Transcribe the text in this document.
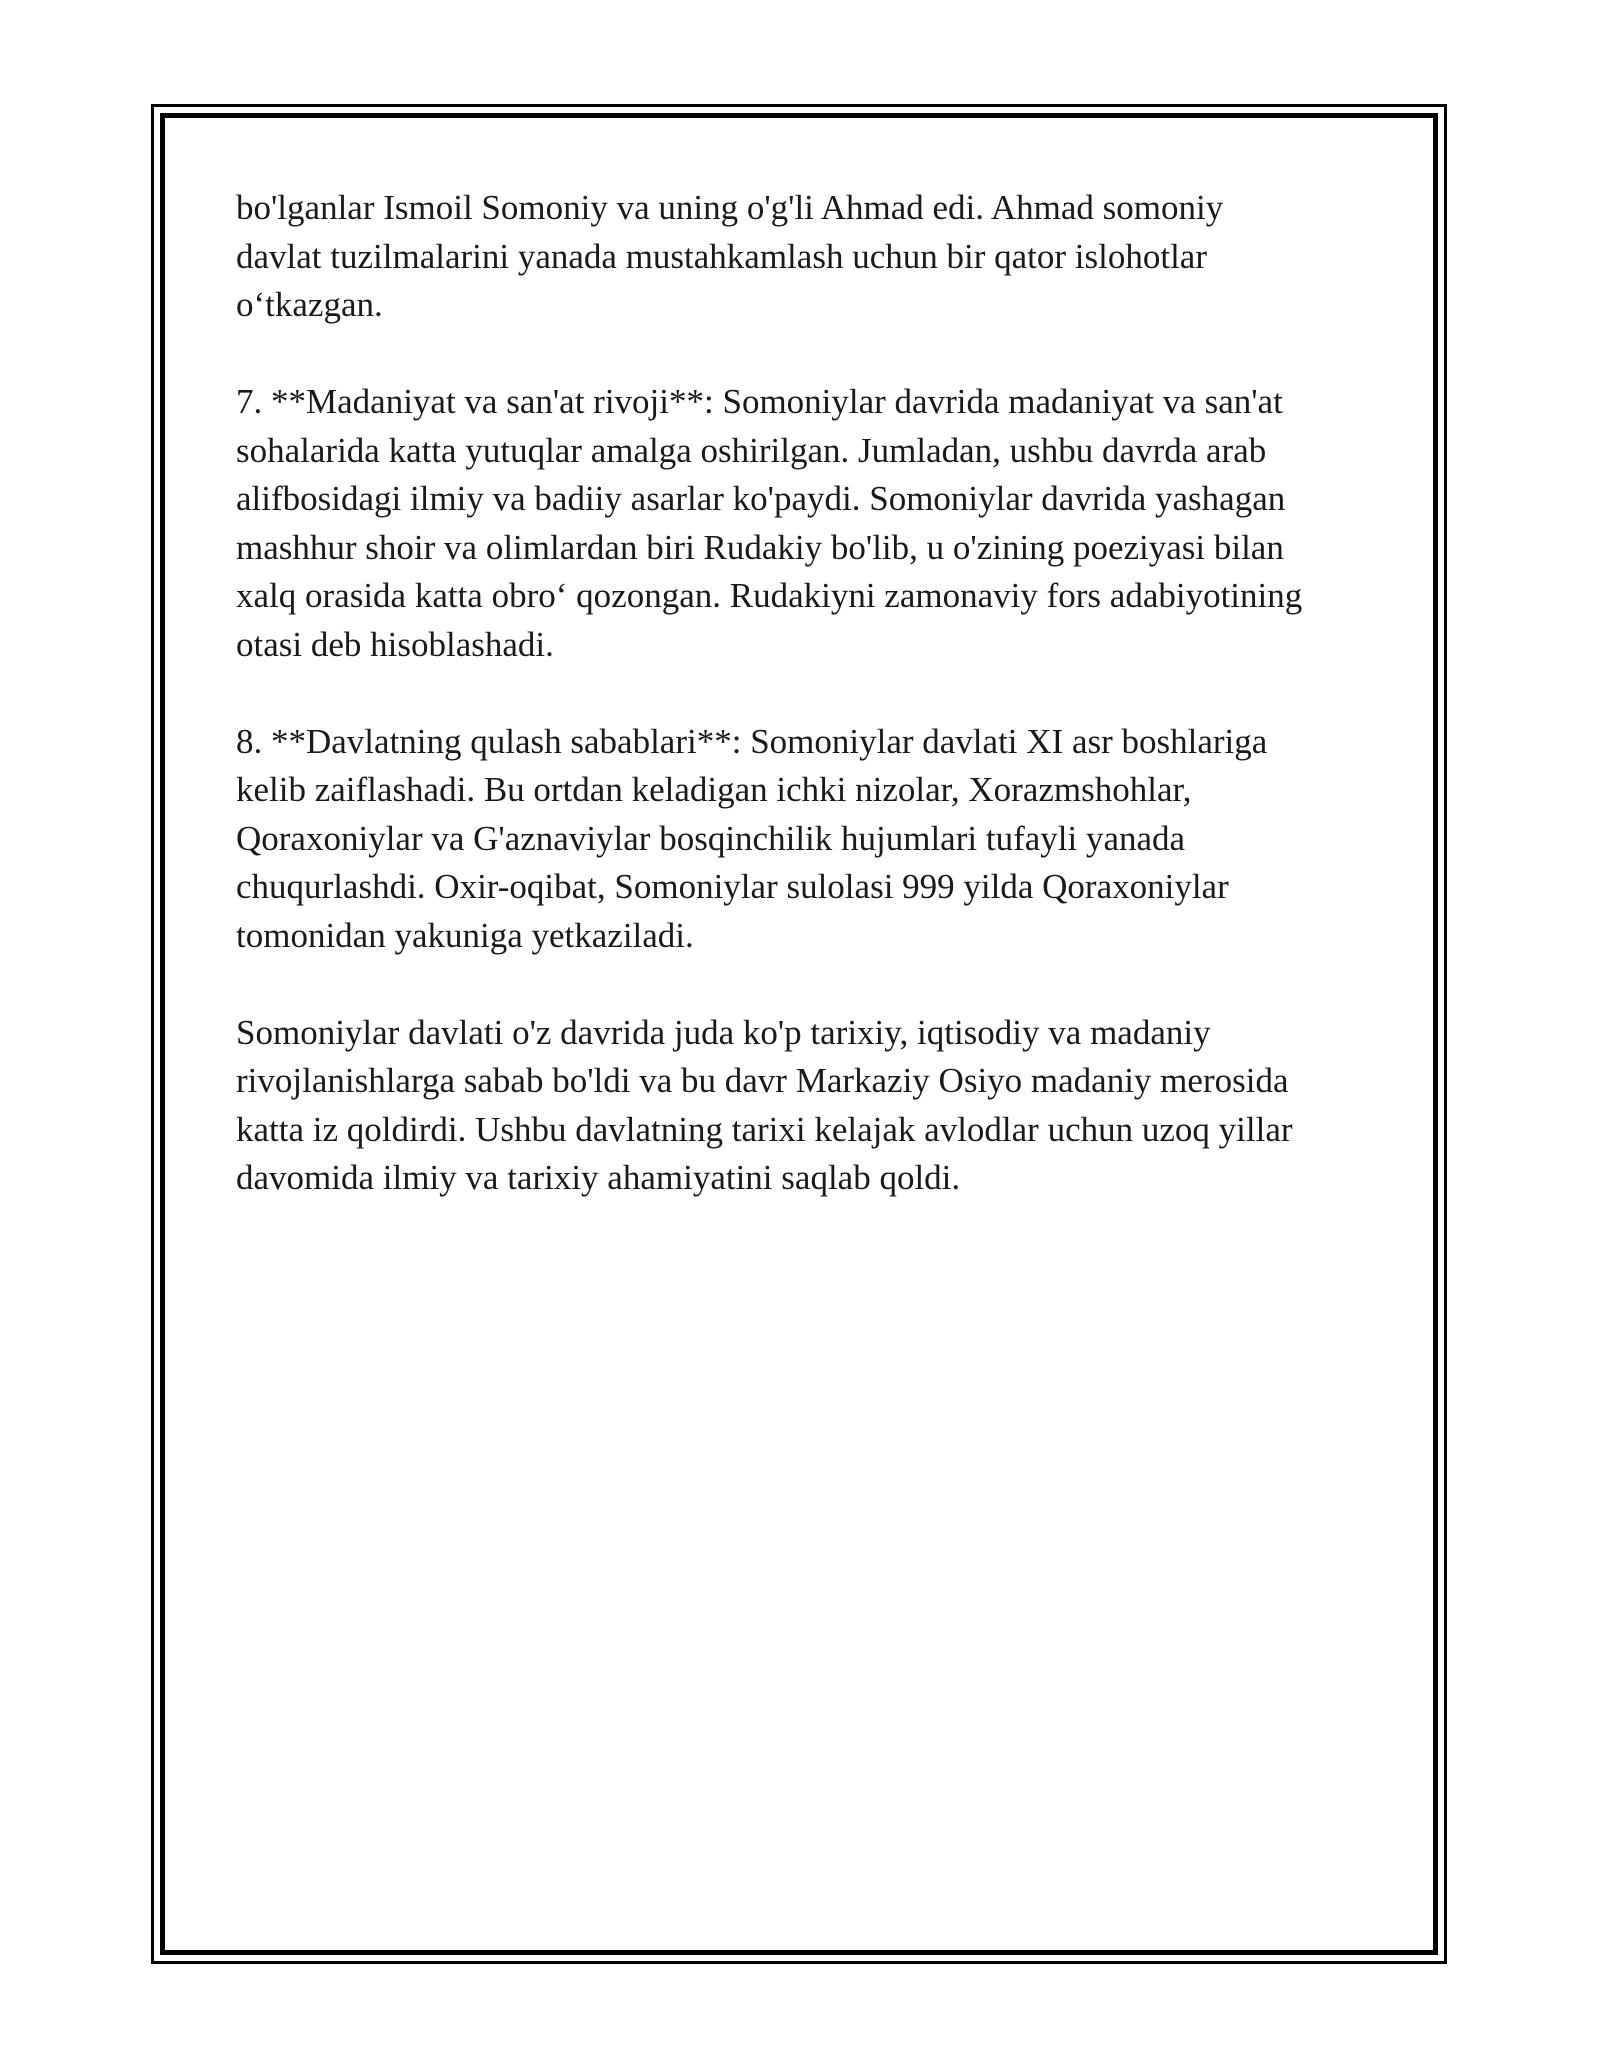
bo'lganlar Ismoil Somoniy va uning o'g'li Ahmad edi. Ahmad somoniy
davlat tuzilmalarini yanada mustahkamlash uchun bir qator islohotlar
o‘tkazgan.

7. **Madaniyat va san'at rivoji**: Somoniylar davrida madaniyat va san'at
sohalarida katta yutuqlar amalga oshirilgan. Jumladan, ushbu davrda arab
alifbosidagi ilmiy va badiiy asarlar ko'paydi. Somoniylar davrida yashagan
mashhur shoir va olimlardan biri Rudakiy bo'lib, u o'zining poeziyasi bilan
xalq orasida katta obro‘ qozongan. Rudakiyni zamonaviy fors adabiyotining
otasi deb hisoblashadi.

8. **Davlatning qulash sabablari**: Somoniylar davlati XI asr boshlariga
kelib zaiflashadi. Bu ortdan keladigan ichki nizolar, Xorazmshohlar,
Qoraxoniylar va G'aznaviylar bosqinchilik hujumlari tufayli yanada
chuqurlashdi. Oxir-oqibat, Somoniylar sulolasi 999 yilda Qoraxoniylar
tomonidan yakuniga yetkaziladi.

Somoniylar davlati o'z davrida juda ko'p tarixiy, iqtisodiy va madaniy
rivojlanishlarga sabab bo'ldi va bu davr Markaziy Osiyo madaniy merosida
katta iz qoldirdi. Ushbu davlatning tarixi kelajak avlodlar uchun uzoq yillar
davomida ilmiy va tarixiy ahamiyatini saqlab qoldi.
